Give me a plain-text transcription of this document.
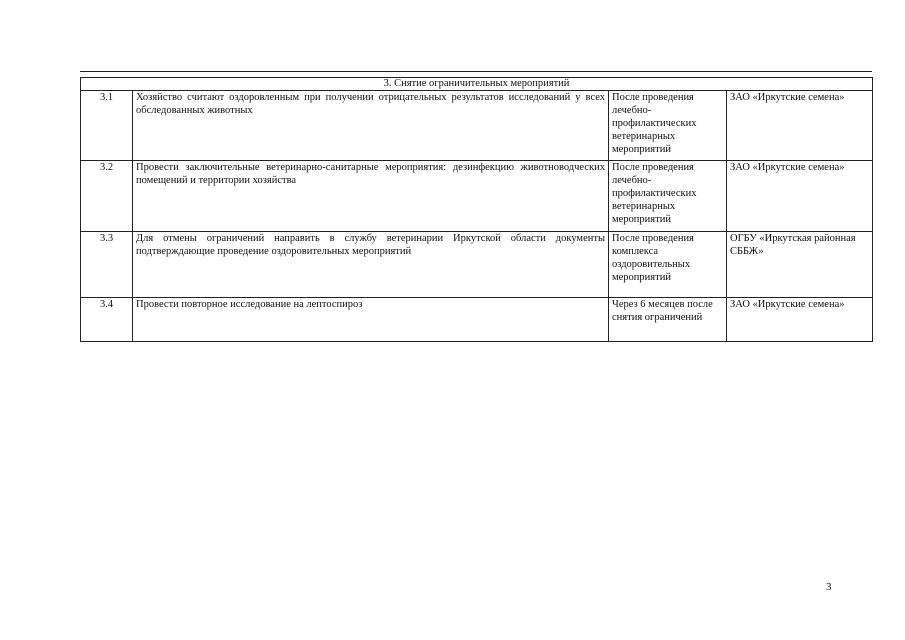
3. Снятие ограничительных мероприятий			
3.1	Хозяйство считают оздоровленным при получении отрицательных результатов исследований у всех обследованных животных	После проведения лечебно-профилактических ветеринарных мероприятий	ЗАО «Иркутские семена»
3.2	Провести заключительные ветеринарно-санитарные мероприятия: дезинфекцию животноводческих помещений и территории хозяйства	После проведения лечебно-профилактических ветеринарных мероприятий	ЗАО «Иркутские семена»
3.3	Для отмены ограничений направить в службу ветеринарии Иркутской области документы подтверждающие проведение оздоровительных мероприятий	После проведения комплекса оздоровительных мероприятий	ОГБУ «Иркутская районная СББЖ»
3.4	Провести повторное исследование на лептоспироз	Через 6 месяцев после снятия ограничений	ЗАО «Иркутские семена»
3
